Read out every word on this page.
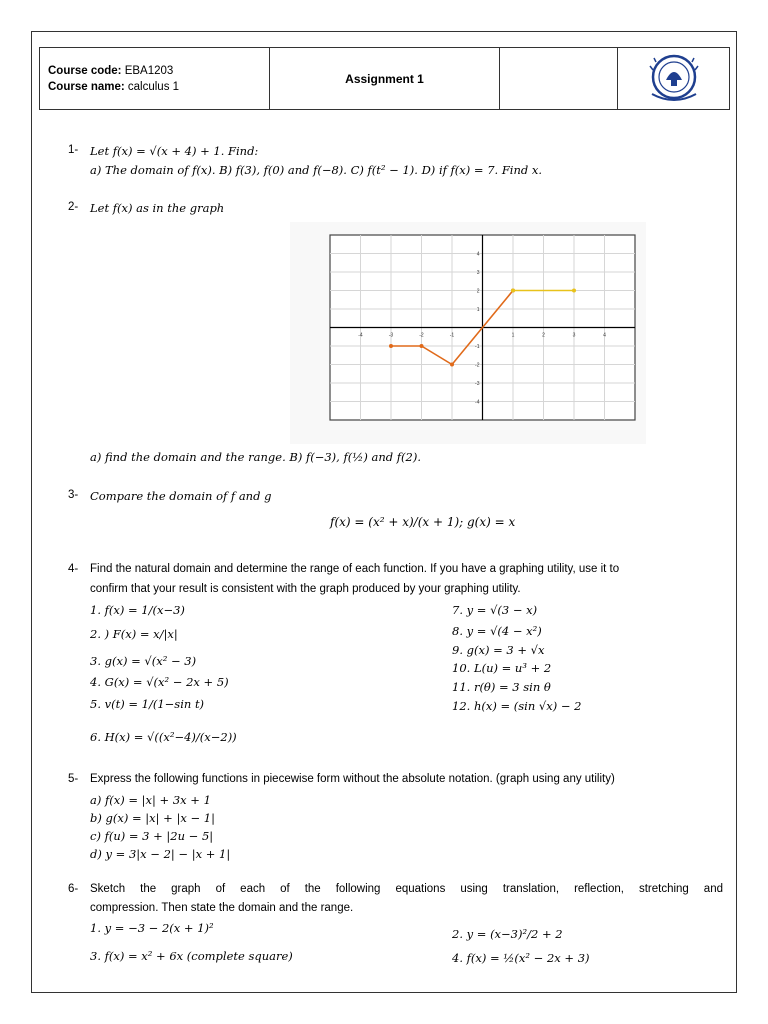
Course code: EBA1203
Course name: calculus 1
Assignment 1
1- Let f(x) = √(x + 4) + 1. Find:
a) The domain of f(x). B) f(3), f(0) and f(−8). C) f(t² − 1). D) if f(x) = 7. Find x.
2- Let f(x) as in the graph
-4	-3	-2	-1	1	2	3	4
4
3
2
1
-1
-2
-3
-4
a) find the domain and the range. B) f(−3), f(½) and f(2).
3- Compare the domain of f and g
f(x) = (x² + x)/(x + 1); g(x) = x
4- Find the natural domain and determine the range of each function. If you have a graphing utility, use it to
confirm that your result is consistent with the graph produced by your graphing utility.
1. f(x) = 1/(x−3)
2. ) F(x) = x/|x|
3. g(x) = √(x² − 3)
4. G(x) = √(x² − 2x + 5)
5. v(t) = 1/(1−sin t)
6. H(x) = √((x²−4)/(x−2))
7. y = √(3 − x)
8. y = √(4 − x²)
9. g(x) = 3 + √x
10. L(u) = u³ + 2
11. r(θ) = 3 sin θ
12. h(x) = (sin √x) − 2
5- Express the following functions in piecewise form without the absolute notation. (graph using any utility)
a) f(x) = |x| + 3x + 1
b) g(x) = |x| + |x − 1|
c) f(u) = 3 + |2u − 5|
d) y = 3|x − 2| − |x + 1|
6- Sketch the graph of each of the following equations using translation, reflection, stretching and
compression. Then state the domain and the range.
1. y = −3 − 2(x + 1)²	2. y = (x−3)²/2 + 2
3. f(x) = x² + 6x (complete square)	4. f(x) = ½(x² − 2x + 3)
